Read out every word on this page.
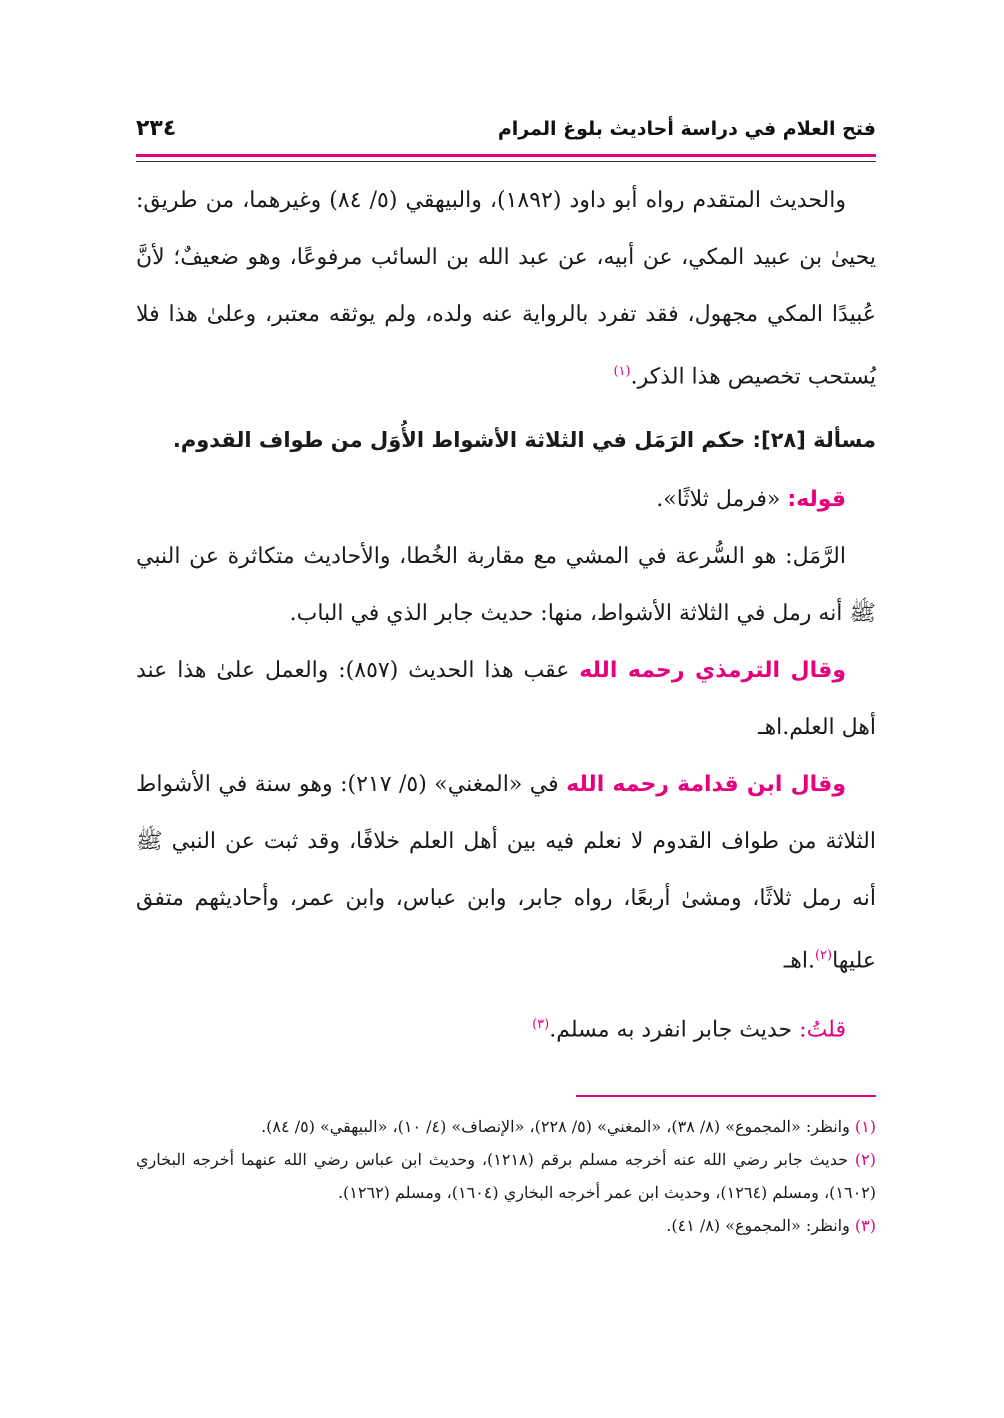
فتح العلام في دراسة أحاديث بلوغ المرام
٢٣٤

والحديث المتقدم رواه أبو داود (١٨٩٢)، والبيهقي (٥/ ٨٤) وغيرهما، من طريق: يحيىٰ بن عبيد المكي، عن أبيه، عن عبد الله بن السائب مرفوعًا، وهو ضعيفٌ؛ لأنَّ عُبيدًا المكي مجهول، فقد تفرد بالرواية عنه ولده، ولم يوثقه معتبر، وعلىٰ هذا فلا يُستحب تخصيص هذا الذكر.$^{(١)}$

مسألة [٢٨]: حكم الرَمَل في الثلاثة الأشواط الأُوَل من طواف القدوم.

قوله: «فرمل ثلاثًا».

الرَّمَل: هو السُّرعة في المشي مع مقاربة الخُطا، والأحاديث متكاثرة عن النبي ﷺ أنه رمل في الثلاثة الأشواط، منها: حديث جابر الذي في الباب.

وقال الترمذي رحمه الله عقب هذا الحديث (٨٥٧): والعمل علىٰ هذا عند أهل العلم.اهـ

وقال ابن قدامة رحمه الله في «المغني» (٥/ ٢١٧): وهو سنة في الأشواط الثلاثة من طواف القدوم لا نعلم فيه بين أهل العلم خلافًا، وقد ثبت عن النبي ﷺ أنه رمل ثلاثًا، ومشىٰ أربعًا، رواه جابر، وابن عباس، وابن عمر، وأحاديثهم متفق عليها$^{(٢)}$.اهـ

قلتُ: حديث جابر انفرد به مسلم.$^{(٣)}$

(١) وانظر: «المجموع» (٨/ ٣٨)، «المغني» (٥/ ٢٢٨)، «الإنصاف» (٤/ ١٠)، «البيهقي» (٥/ ٨٤).

(٢) حديث جابر رضي الله عنه أخرجه مسلم برقم (١٢١٨)، وحديث ابن عباس رضي الله عنهما أخرجه البخاري (١٦٠٢)، ومسلم (١٢٦٤)، وحديث ابن عمر أخرجه البخاري (١٦٠٤)، ومسلم (١٢٦٢).

(٣) وانظر: «المجموع» (٨/ ٤١).
